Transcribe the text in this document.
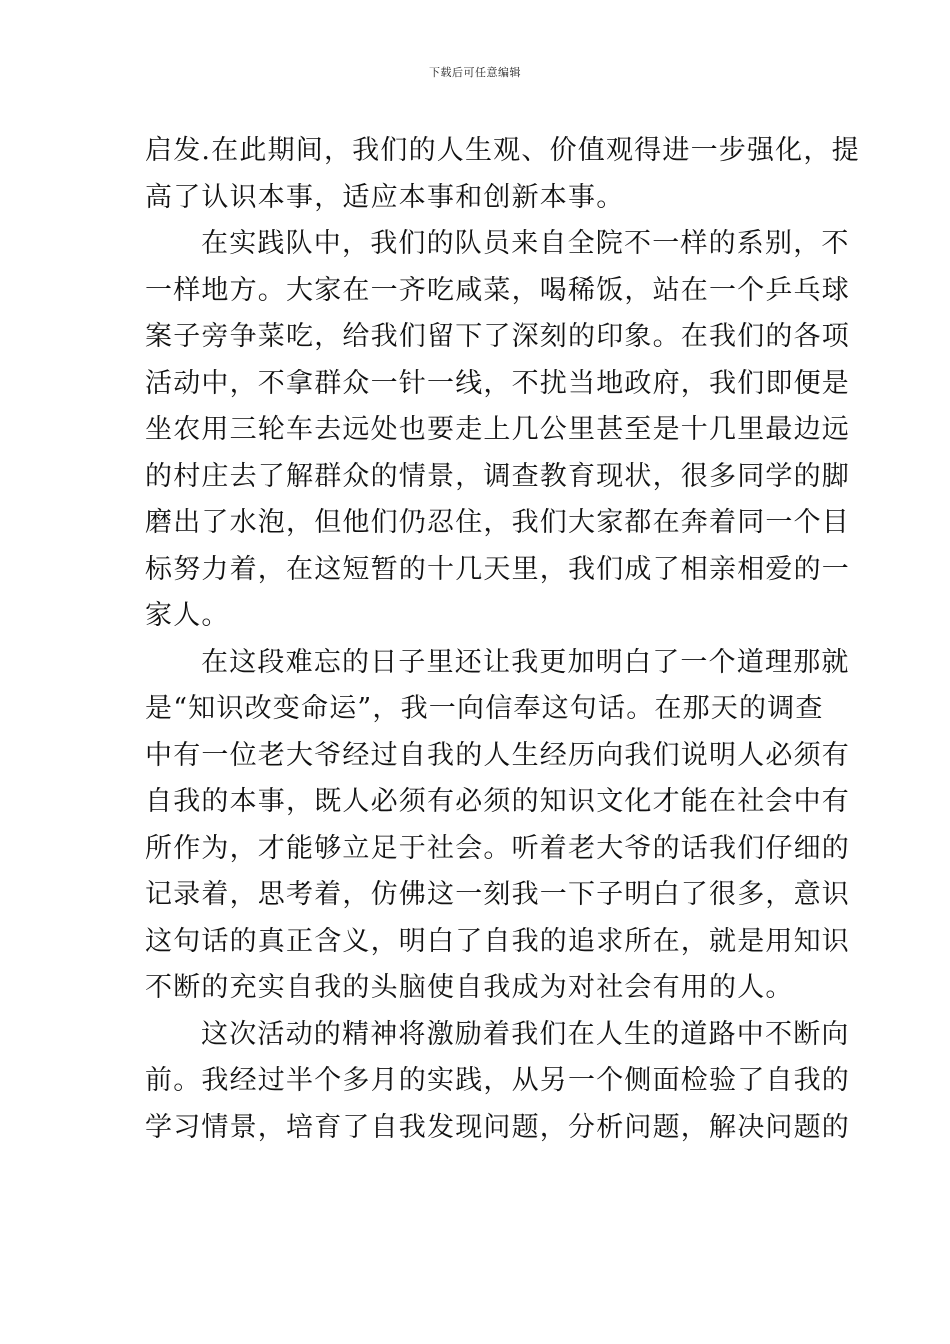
下载后可任意编辑
启发.在此期间，我们的人生观、价值观得进一步强化，提
高了认识本事，适应本事和创新本事。
在实践队中，我们的队员来自全院不一样的系别，不
一样地方。大家在一齐吃咸菜，喝稀饭，站在一个乒乓球
案子旁争菜吃，给我们留下了深刻的印象。在我们的各项
活动中，不拿群众一针一线，不扰当地政府，我们即便是
坐农用三轮车去远处也要走上几公里甚至是十几里最边远
的村庄去了解群众的情景，调查教育现状，很多同学的脚
磨出了水泡，但他们仍忍住，我们大家都在奔着同一个目
标努力着，在这短暂的十几天里，我们成了相亲相爱的一
家人。
在这段难忘的日子里还让我更加明白了一个道理那就
是“知识改变命运”，我一向信奉这句话。在那天的调查
中有一位老大爷经过自我的人生经历向我们说明人必须有
自我的本事，既人必须有必须的知识文化才能在社会中有
所作为，才能够立足于社会。听着老大爷的话我们仔细的
记录着，思考着，仿佛这一刻我一下子明白了很多，意识
这句话的真正含义，明白了自我的追求所在，就是用知识
不断的充实自我的头脑使自我成为对社会有用的人。
这次活动的精神将激励着我们在人生的道路中不断向
前。我经过半个多月的实践，从另一个侧面检验了自我的
学习情景，培育了自我发现问题，分析问题，解决问题的
